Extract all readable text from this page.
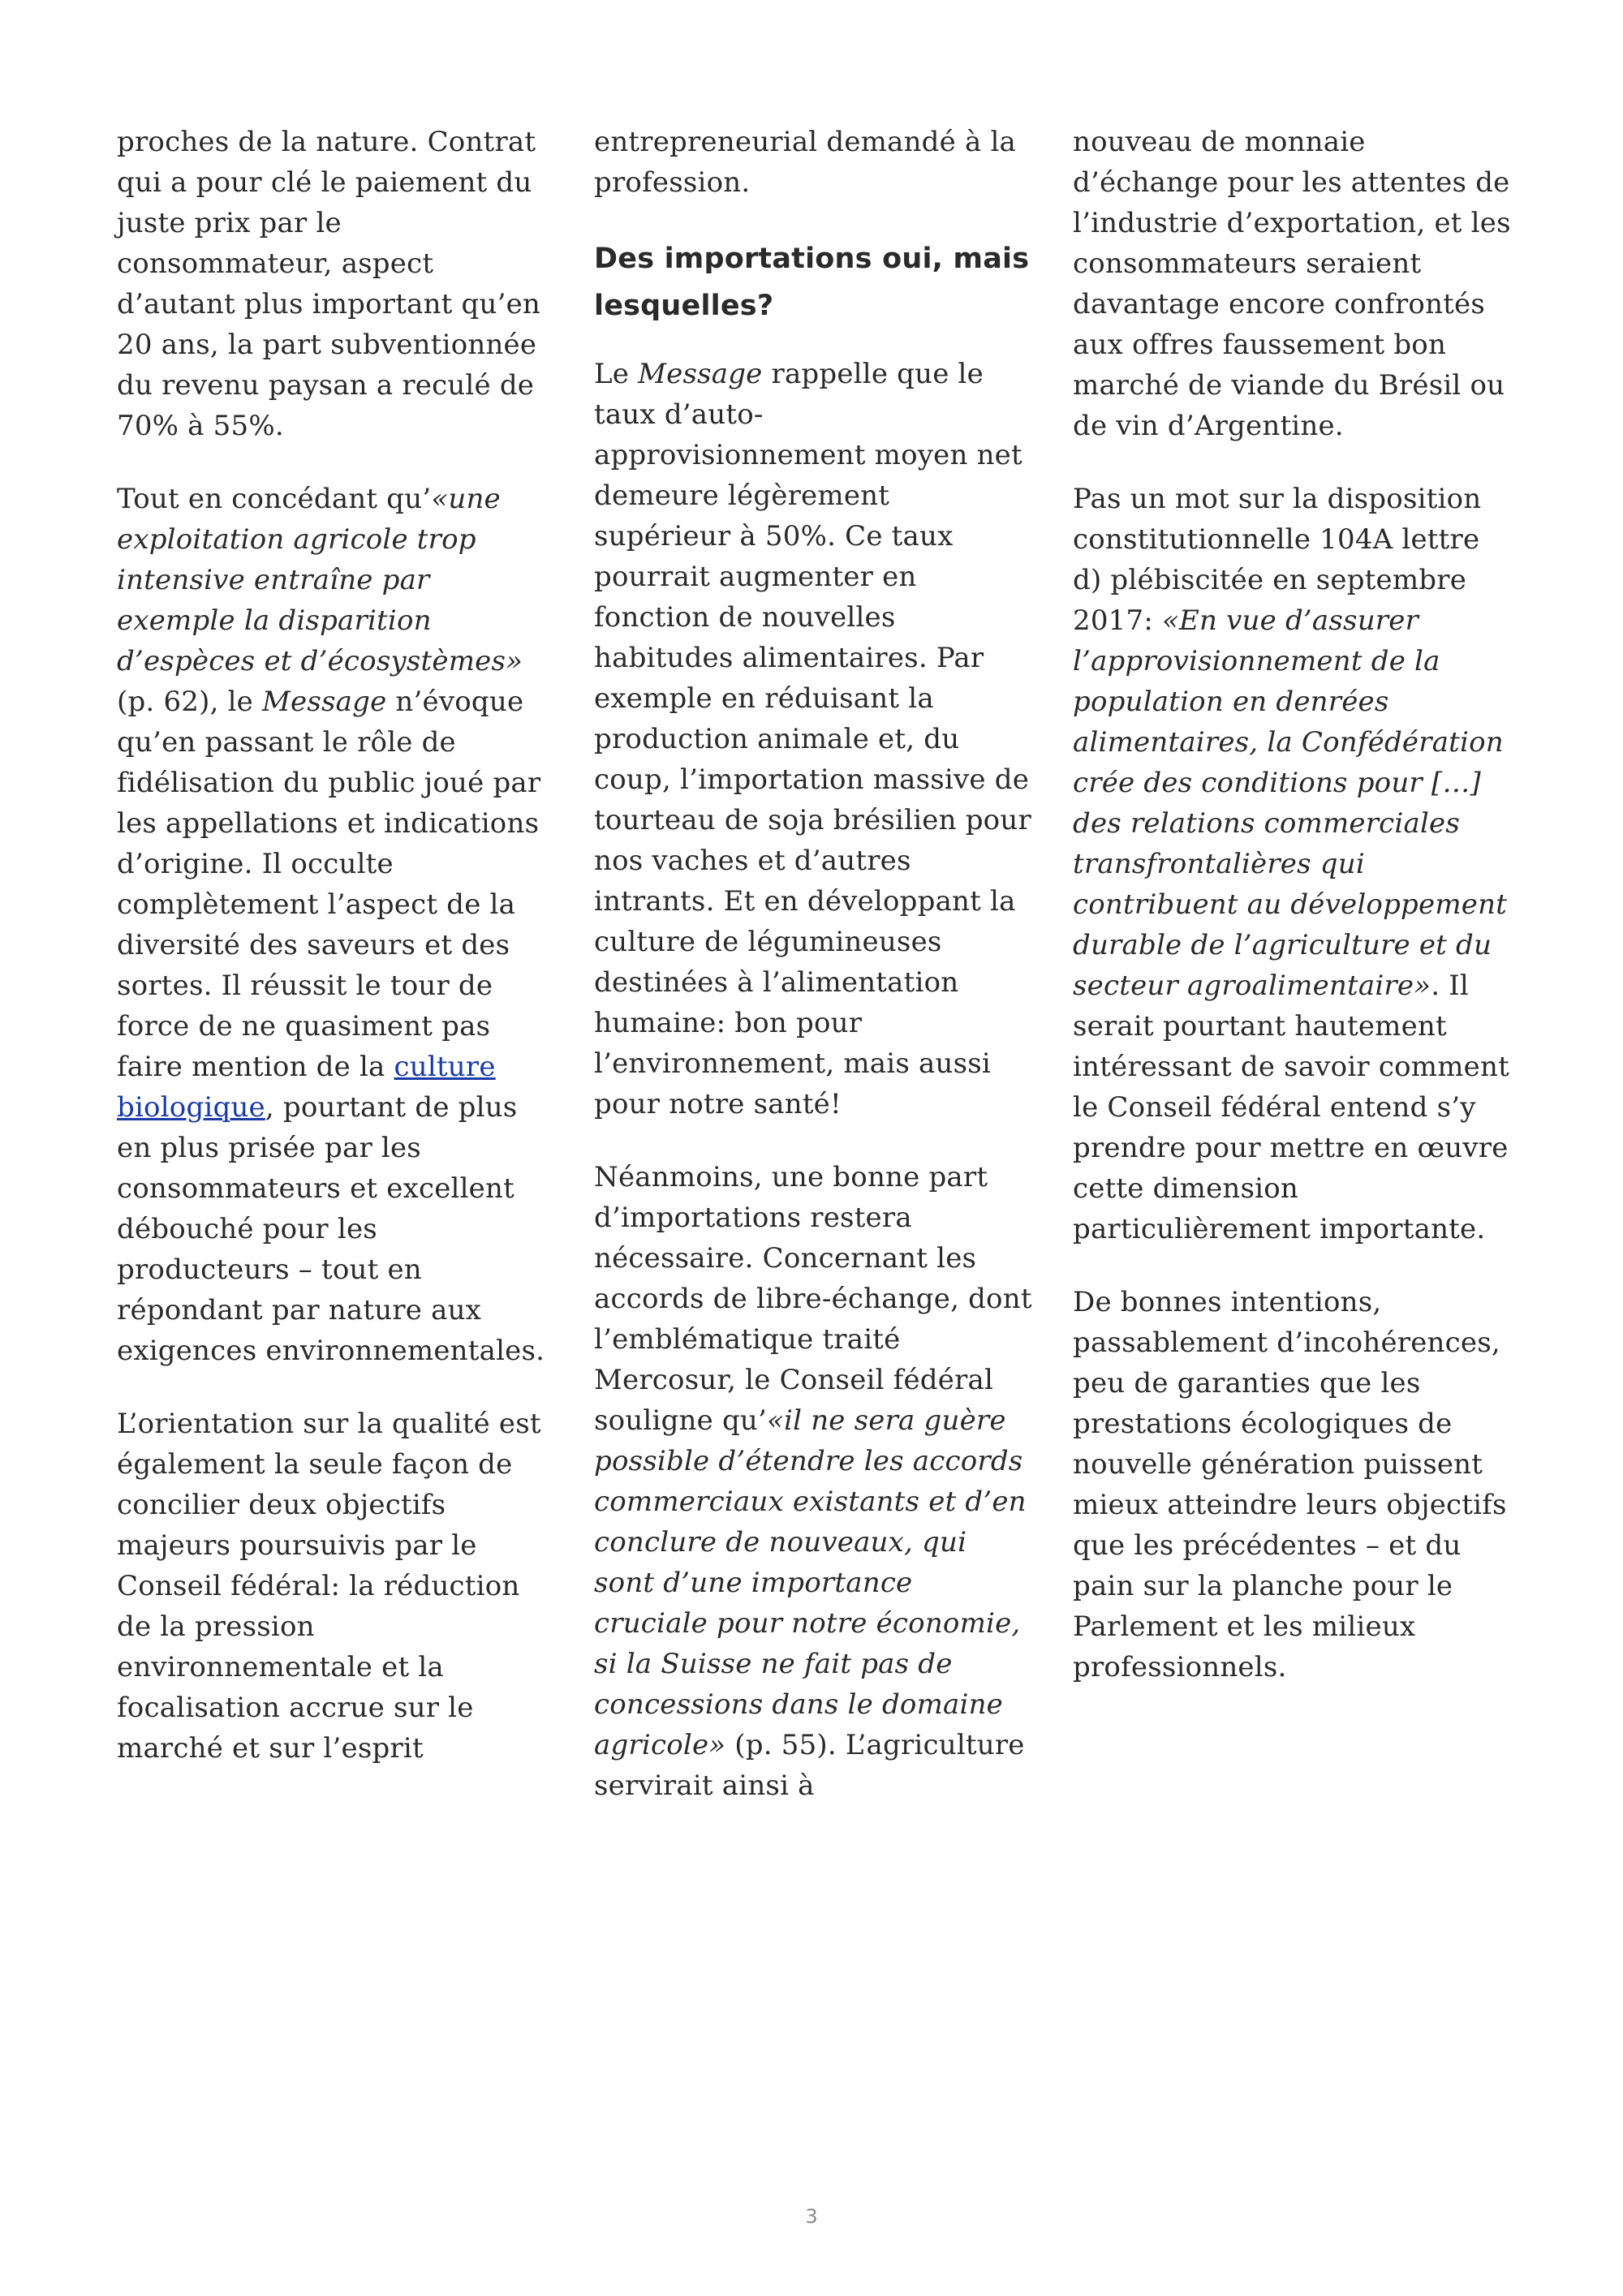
proches de la nature. Contrat qui a pour clé le paiement du juste prix par le consommateur, aspect d’autant plus important qu’en 20 ans, la part subventionnée du revenu paysan a reculé de 70% à 55%.

Tout en concédant qu’«une exploitation agricole trop intensive entraîne par exemple la disparition d’espèces et d’écosystèmes» (p. 62), le Message n’évoque qu’en passant le rôle de fidélisation du public joué par les appellations et indications d’origine. Il occulte complètement l’aspect de la diversité des saveurs et des sortes. Il réussit le tour de force de ne quasiment pas faire mention de la culture biologique, pourtant de plus en plus prisée par les consommateurs et excellent débouché pour les producteurs – tout en répondant par nature aux exigences environnementales.

L’orientation sur la qualité est également la seule façon de concilier deux objectifs majeurs poursuivis par le Conseil fédéral: la réduction de la pression environnementale et la focalisation accrue sur le marché et sur l’esprit

entrepreneurial demandé à la profession.

Des importations oui, mais lesquelles?

Le Message rappelle que le taux d’auto-approvisionnement moyen net demeure légèrement supérieur à 50%. Ce taux pourrait augmenter en fonction de nouvelles habitudes alimentaires. Par exemple en réduisant la production animale et, du coup, l’importation massive de tourteau de soja brésilien pour nos vaches et d’autres intrants. Et en développant la culture de légumineuses destinées à l’alimentation humaine: bon pour l’environnement, mais aussi pour notre santé!

Néanmoins, une bonne part d’importations restera nécessaire. Concernant les accords de libre-échange, dont l’emblématique traité Mercosur, le Conseil fédéral souligne qu’«il ne sera guère possible d’étendre les accords commerciaux existants et d’en conclure de nouveaux, qui sont d’une importance cruciale pour notre économie, si la Suisse ne fait pas de concessions dans le domaine agricole» (p. 55). L’agriculture servirait ainsi à

nouveau de monnaie d’échange pour les attentes de l’industrie d’exportation, et les consommateurs seraient davantage encore confrontés aux offres faussement bon marché de viande du Brésil ou de vin d’Argentine.

Pas un mot sur la disposition constitutionnelle 104A lettre d) plébiscitée en septembre 2017: «En vue d’assurer l’approvisionnement de la population en denrées alimentaires, la Confédération crée des conditions pour […] des relations commerciales transfrontalières qui contribuent au développement durable de l’agriculture et du secteur agroalimentaire». Il serait pourtant hautement intéressant de savoir comment le Conseil fédéral entend s’y prendre pour mettre en œuvre cette dimension particulièrement importante.

De bonnes intentions, passablement d’incohérences, peu de garanties que les prestations écologiques de nouvelle génération puissent mieux atteindre leurs objectifs que les précédentes – et du pain sur la planche pour le Parlement et les milieux professionnels.

3
